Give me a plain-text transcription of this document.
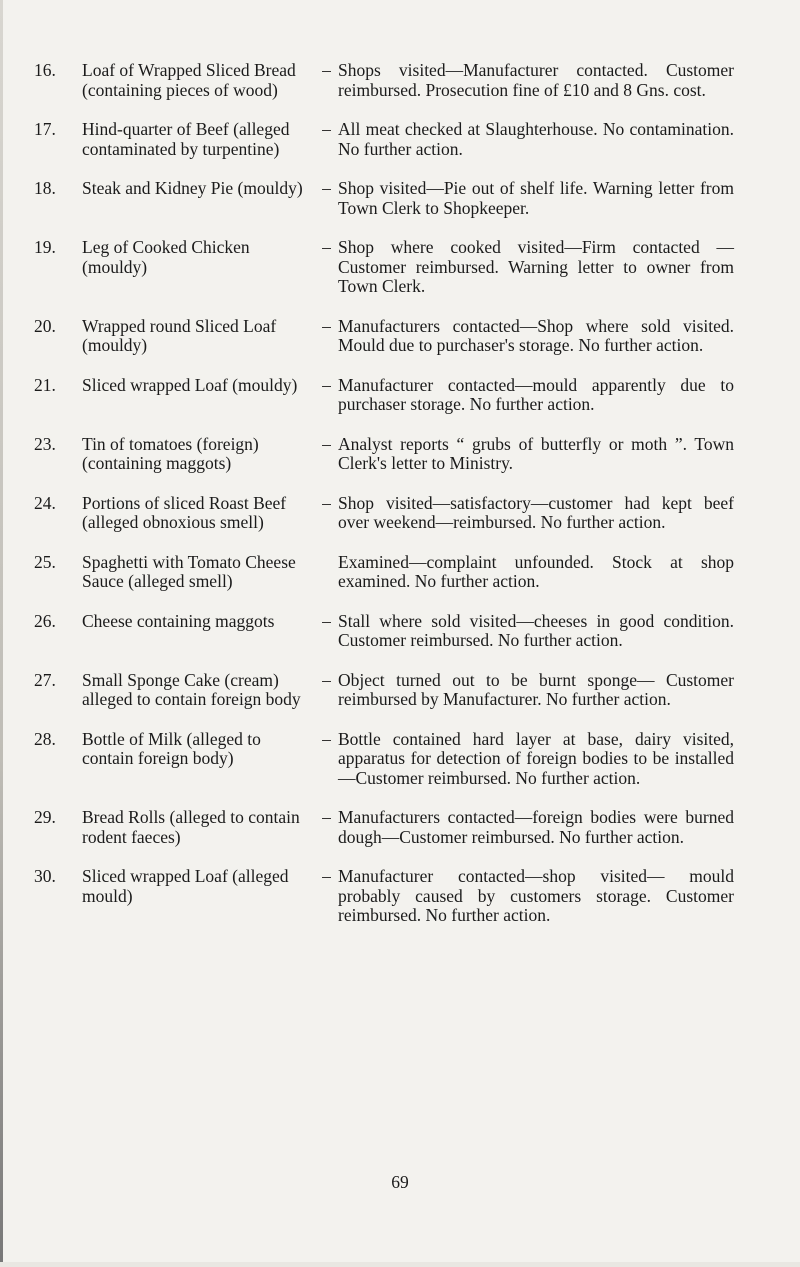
16.	Loaf of Wrapped Sliced Bread (containing pieces of wood)
– Shops visited—Manufacturer contacted. Customer reimbursed. Prosecution fine of £10 and 8 Gns. cost.
17.	Hind-quarter of Beef (alleged contaminated by turpentine)
– All meat checked at Slaughterhouse. No contamination. No further action.
18.	Steak and Kidney Pie (mouldy)	– Shop visited—Pie out of shelf life. Warning letter from Town Clerk to Shopkeeper.
19.	Leg of Cooked Chicken (mouldy)
– Shop where cooked visited—Firm contacted —Customer reimbursed. Warning letter to owner from Town Clerk.
20.	Wrapped round Sliced Loaf (mouldy)
– Manufacturers contacted—Shop where sold visited. Mould due to purchaser's storage. No further action.
21.	Sliced wrapped Loaf (mouldy)	– Manufacturer contacted—mould apparently due to purchaser storage. No further action.
23.	Tin of tomatoes (foreign) (containing maggots)
– Analyst reports “ grubs of butterfly or moth ”. Town Clerk's letter to Ministry.
24.	Portions of sliced Roast Beef (alleged obnoxious smell)
– Shop visited—satisfactory—customer had kept beef over weekend—reimbursed. No further action.
25.	Spaghetti with Tomato Cheese Sauce (alleged smell)
Examined—complaint unfounded. Stock at shop examined. No further action.
26.	Cheese containing maggots	– Stall where sold visited—cheeses in good condition. Customer reimbursed. No further action.
27.	Small Sponge Cake (cream) alleged to contain foreign body
– Object turned out to be burnt sponge— Customer reimbursed by Manufacturer. No further action.
28.	Bottle of Milk (alleged to contain foreign body)
– Bottle contained hard layer at base, dairy visited, apparatus for detection of foreign bodies to be installed—Customer reimbursed. No further action.
29.	Bread Rolls (alleged to contain rodent faeces)
– Manufacturers contacted—foreign bodies were burned dough—Customer reimbursed. No further action.
30.	Sliced wrapped Loaf (alleged mould)
– Manufacturer contacted—shop visited— mould probably caused by customers storage. Customer reimbursed. No further action.
69
